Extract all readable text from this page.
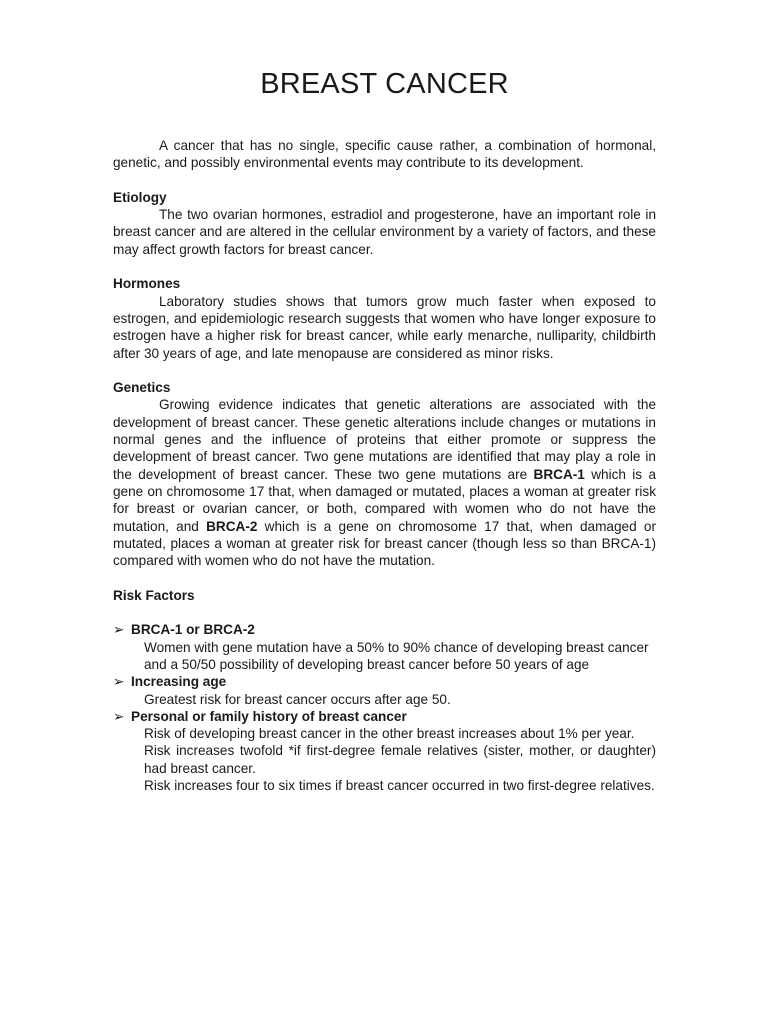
BREAST CANCER

A cancer that has no single, specific cause rather, a combination of hormonal, genetic, and possibly environmental events may contribute to its development.

Etiology

The two ovarian hormones, estradiol and progesterone, have an important role in breast cancer and are altered in the cellular environment by a variety of factors, and these may affect growth factors for breast cancer.

Hormones

Laboratory studies shows that tumors grow much faster when exposed to estrogen, and epidemiologic research suggests that women who have longer exposure to estrogen have a higher risk for breast cancer, while early menarche, nulliparity, childbirth after 30 years of age, and late menopause are considered as minor risks.

Genetics

Growing evidence indicates that genetic alterations are associated with the development of breast cancer. These genetic alterations include changes or mutations in normal genes and the influence of proteins that either promote or suppress the development of breast cancer. Two gene mutations are identified that may play a role in the development of breast cancer. These two gene mutations are BRCA-1 which is a gene on chromosome 17 that, when damaged or mutated, places a woman at greater risk for breast or ovarian cancer, or both, compared with women who do not have the mutation, and BRCA-2 which is a gene on chromosome 17 that, when damaged or mutated, places a woman at greater risk for breast cancer (though less so than BRCA-1) compared with women who do not have the mutation.

Risk Factors

➢ BRCA-1 or BRCA-2

Women with gene mutation have a 50% to 90% chance of developing breast cancer and a 50/50 possibility of developing breast cancer before 50 years of age

➢ Increasing age

Greatest risk for breast cancer occurs after age 50.

➢ Personal or family history of breast cancer

Risk of developing breast cancer in the other breast increases about 1% per year.

Risk increases twofold *if first-degree female relatives (sister, mother, or daughter) had breast cancer.

Risk increases four to six times if breast cancer occurred in two first-degree relatives.
